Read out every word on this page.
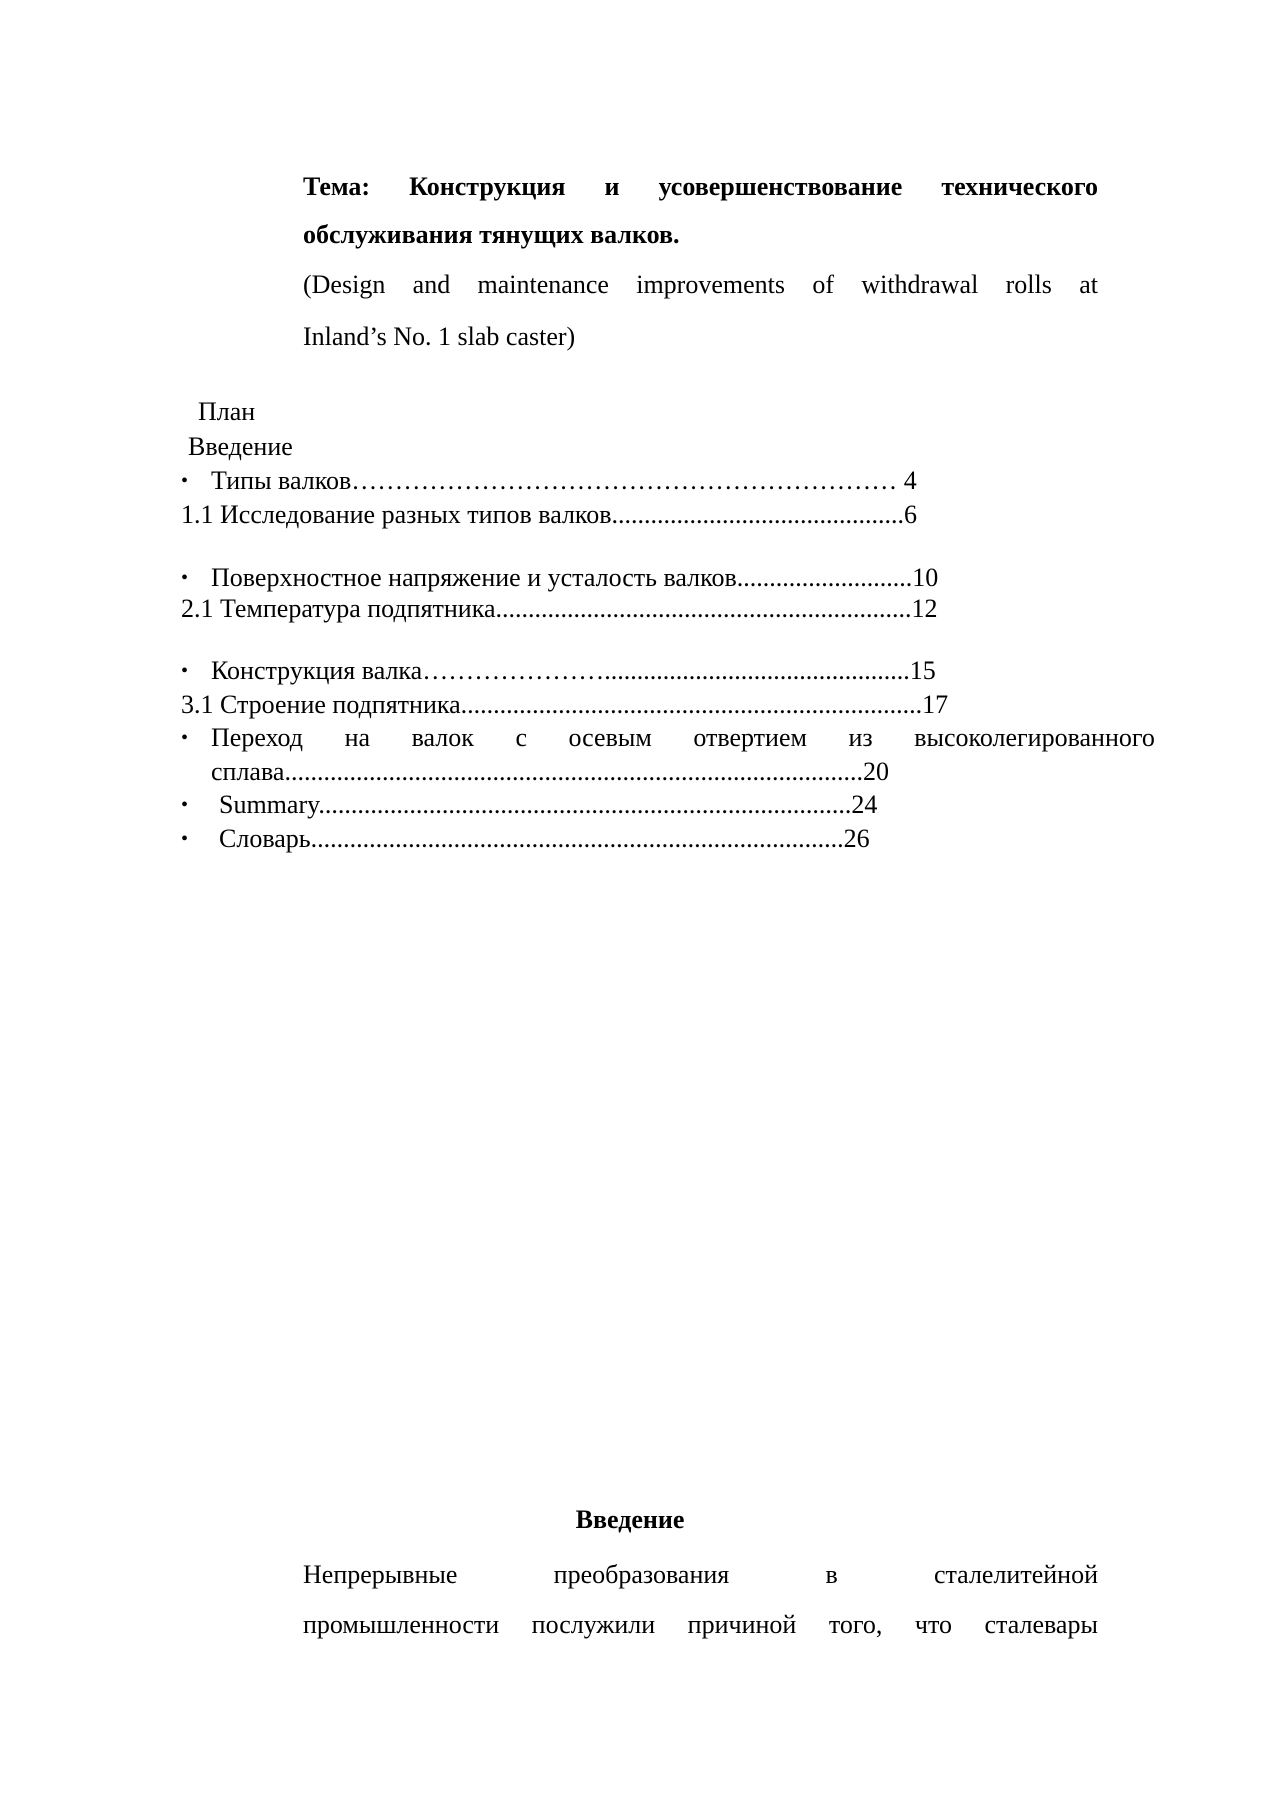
Тема: Конструкция и усовершенствование технического
обслуживания тянущих валков.
(Design and maintenance improvements of withdrawal rolls at
Inland’s No. 1 slab caster)
План
Введение
• Типы валков……………………………………………………… 4
1.1 Исследование разных типов валков.............................................6
• Поверхностное напряжение и усталость валков...........................10
2.1 Температура подпятника................................................................12
• Конструкция валка…………………...............................................15
3.1 Строение подпятника.......................................................................17
• Переход на валок с осевым отвертием из высоколегированного
сплава.........................................................................................20
• Summary..................................................................................24
• Словарь..................................................................................26
Введение
Непрерывные	преобразования	в	сталелитейной
промышленности послужили причиной того, что сталевары
